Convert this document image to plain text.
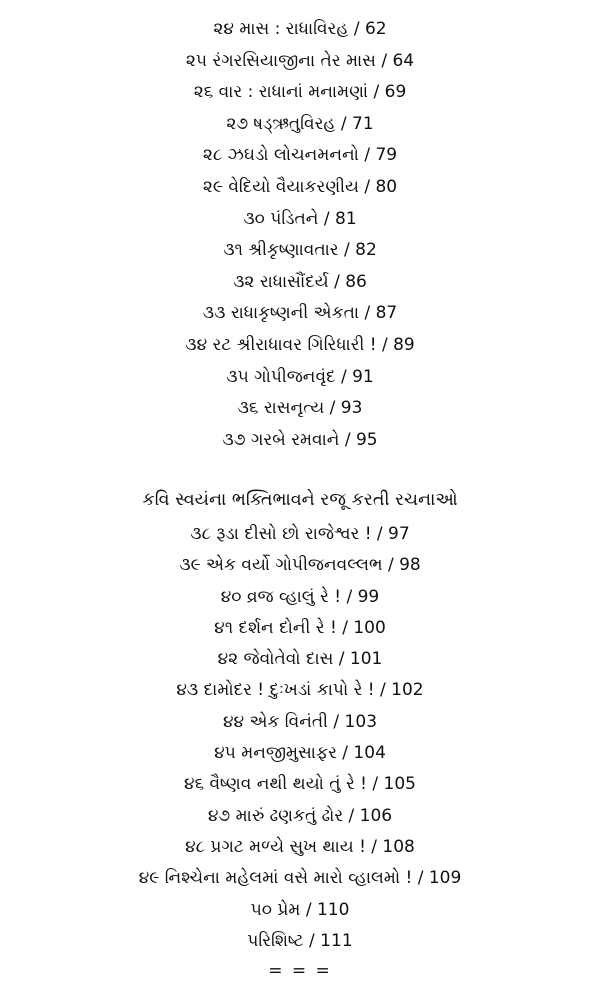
૨૪ માસ : રાધાવિરહ / 62
૨૫ રંગરસિયાજીના તેર માસ / 64
૨૬ વાર : રાધાનાં મનામણાં / 69
૨૭ ષડ્ઋતુવિરહ / 71
૨૮ ઝઘડો લોચનમનનો / 79
૨૯ વેદિયો વૈયાકરણીય / 80
૩૦ પંડિતને / 81
૩૧ શ્રીકૃષ્ણાવતાર / 82
૩૨ રાધાસૌંદર્ય / 86
૩૩ રાધાકૃષ્ણની એકતા / 87
૩૪ રટ શ્રીરાધાવર ગિરિધારી ! / 89
૩૫ ગોપીજનવૃંદ / 91
૩૬ રાસનૃત્ય / 93
૩૭ ગરબે રમવાને / 95
કવિ સ્વયંના ભક્તિભાવને રજૂ કરતી રચનાઓ
૩૮ રૂડા દીસો છો રાજેશ્વર ! / 97
૩૯ એક વર્યો ગોપીજનવલ્લભ / 98
૪૦ વ્રજ વ્હાલું રે ! / 99
૪૧ દર્શન દોની રે ! / 100
૪૨ જેવોતેવો દાસ / 101
૪૩ દામોદર ! દુઃખડાં કાપો રે ! / 102
૪૪ એક વિનંતી / 103
૪૫ મનજીમુસાફર / 104
૪૬ વૈષ્ણવ નથી થયો તું રે ! / 105
૪૭ મારું ઢણકતું ઢોર / 106
૪૮ પ્રગટ મળ્યે સુખ થાય ! / 108
૪૯ નિશ્ચેના મહેલમાં વસે મારો વ્હાલમો ! / 109
૫૦ પ્રેમ / 110
પરિશિષ્ટ / 111
= = =
